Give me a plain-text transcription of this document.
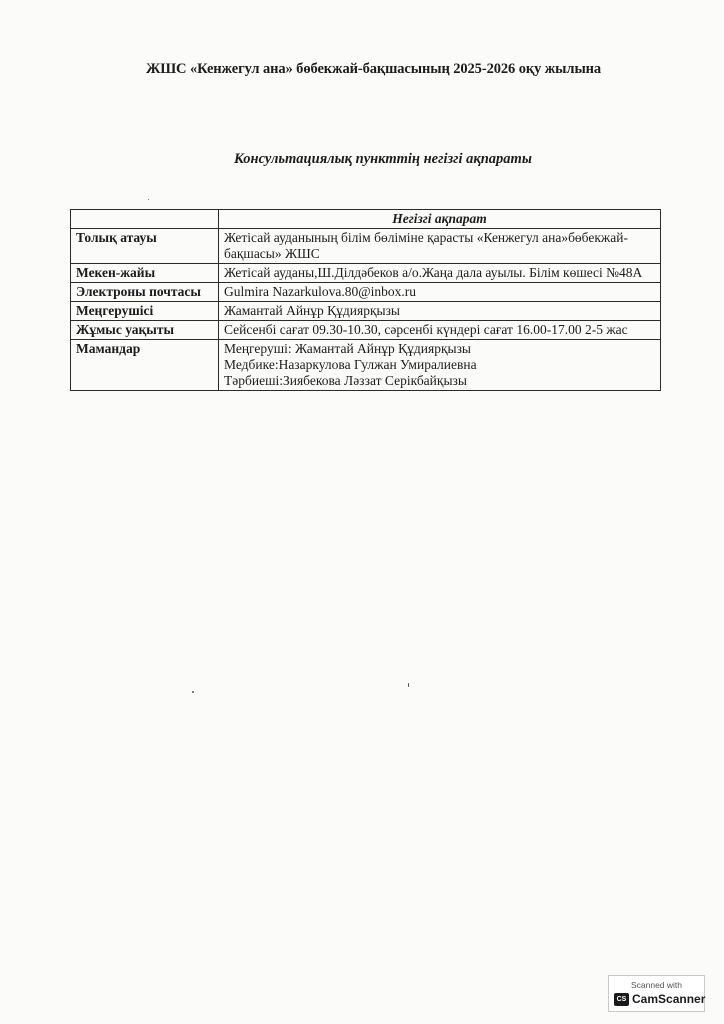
ЖШС «Кенжегул ана» бөбекжай-бақшасының 2025-2026 оқу жылына
Консультациялық пункттің негізгі ақпараты
	Негізгі ақпарат
Толық атауы	Жетісай ауданының білім бөліміне қарасты «Кенжегул ана»бөбекжай-бақшасы» ЖШС
Мекен-жайы	Жетісай ауданы,Ш.Ділдәбеков а/о.Жаңа дала ауылы. Білім көшесі №48А
Электроны почтасы	Gulmira Nazarkulova.80@inbox.ru
Меңгерушісі	Жамантай Айнұр Құдиярқызы
Жұмыс уақыты	Сейсенбі сағат 09.30-10.30, сәрсенбі күндері сағат 16.00-17.00 2-5 жас
Мамандар	Меңгеруші: Жамантай Айнұр Құдиярқызы
Медбике:Назаркулова Гулжан Умиралиевна
Тәрбиеші:Зиябекова Ләззат Серікбайқызы
Scanned with
CS CamScanner
